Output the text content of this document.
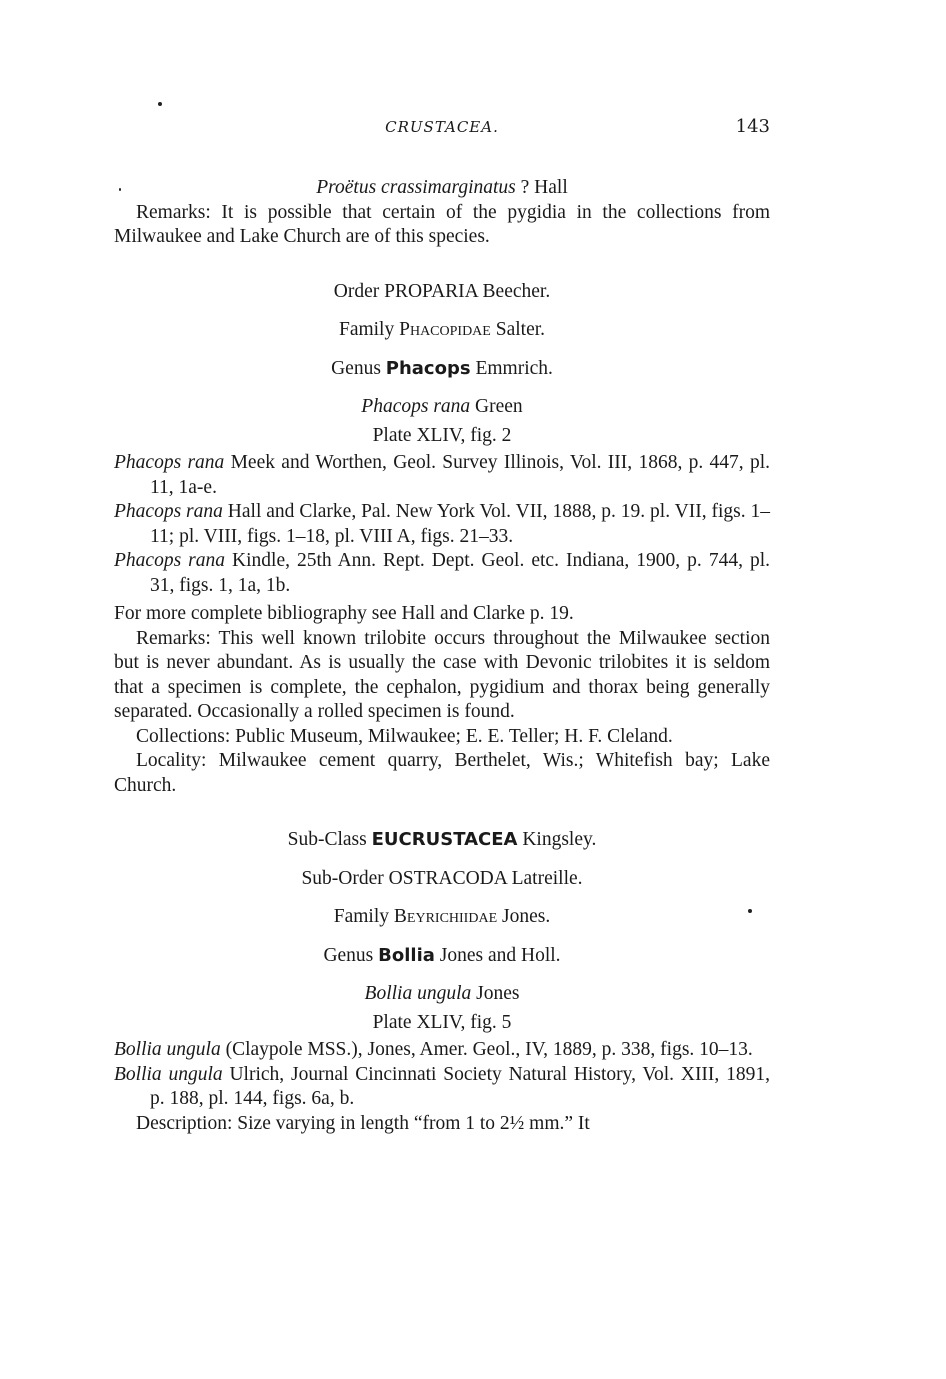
CRUSTACEA.	143

Proëtus crassimarginatus ? Hall

Remarks: It is possible that certain of the pygidia in the collections from Milwaukee and Lake Church are of this species.

Order PROPARIA Beecher.

Family Phacopidae Salter.

Genus Phacops Emmrich.

Phacops rana Green

Plate XLIV, fig. 2

Phacops rana Meek and Worthen, Geol. Survey Illinois, Vol. III, 1868, p. 447, pl. 11, 1a-e.

Phacops rana Hall and Clarke, Pal. New York Vol. VII, 1888, p. 19. pl. VII, figs. 1–11; pl. VIII, figs. 1–18, pl. VIII A, figs. 21–33.

Phacops rana Kindle, 25th Ann. Rept. Dept. Geol. etc. Indiana, 1900, p. 744, pl. 31, figs. 1, 1a, 1b.

For more complete bibliography see Hall and Clarke p. 19.

Remarks: This well known trilobite occurs throughout the Milwaukee section but is never abundant. As is usually the case with Devonic trilobites it is seldom that a specimen is complete, the cephalon, pygidium and thorax being generally separated. Occasionally a rolled specimen is found.

Collections: Public Museum, Milwaukee; E. E. Teller; H. F. Cleland.

Locality: Milwaukee cement quarry, Berthelet, Wis.; Whitefish bay; Lake Church.

Sub-Class EUCRUSTACEA Kingsley.

Sub-Order OSTRACODA Latreille.

Family Beyrichiidae Jones.

Genus Bollia Jones and Holl.

Bollia ungula Jones

Plate XLIV, fig. 5

Bollia ungula (Claypole MSS.), Jones, Amer. Geol., IV, 1889, p. 338, figs. 10–13.

Bollia ungula Ulrich, Journal Cincinnati Society Natural History, Vol. XIII, 1891, p. 188, pl. 144, figs. 6a, b.

Description: Size varying in length “from 1 to 2½ mm.” It
